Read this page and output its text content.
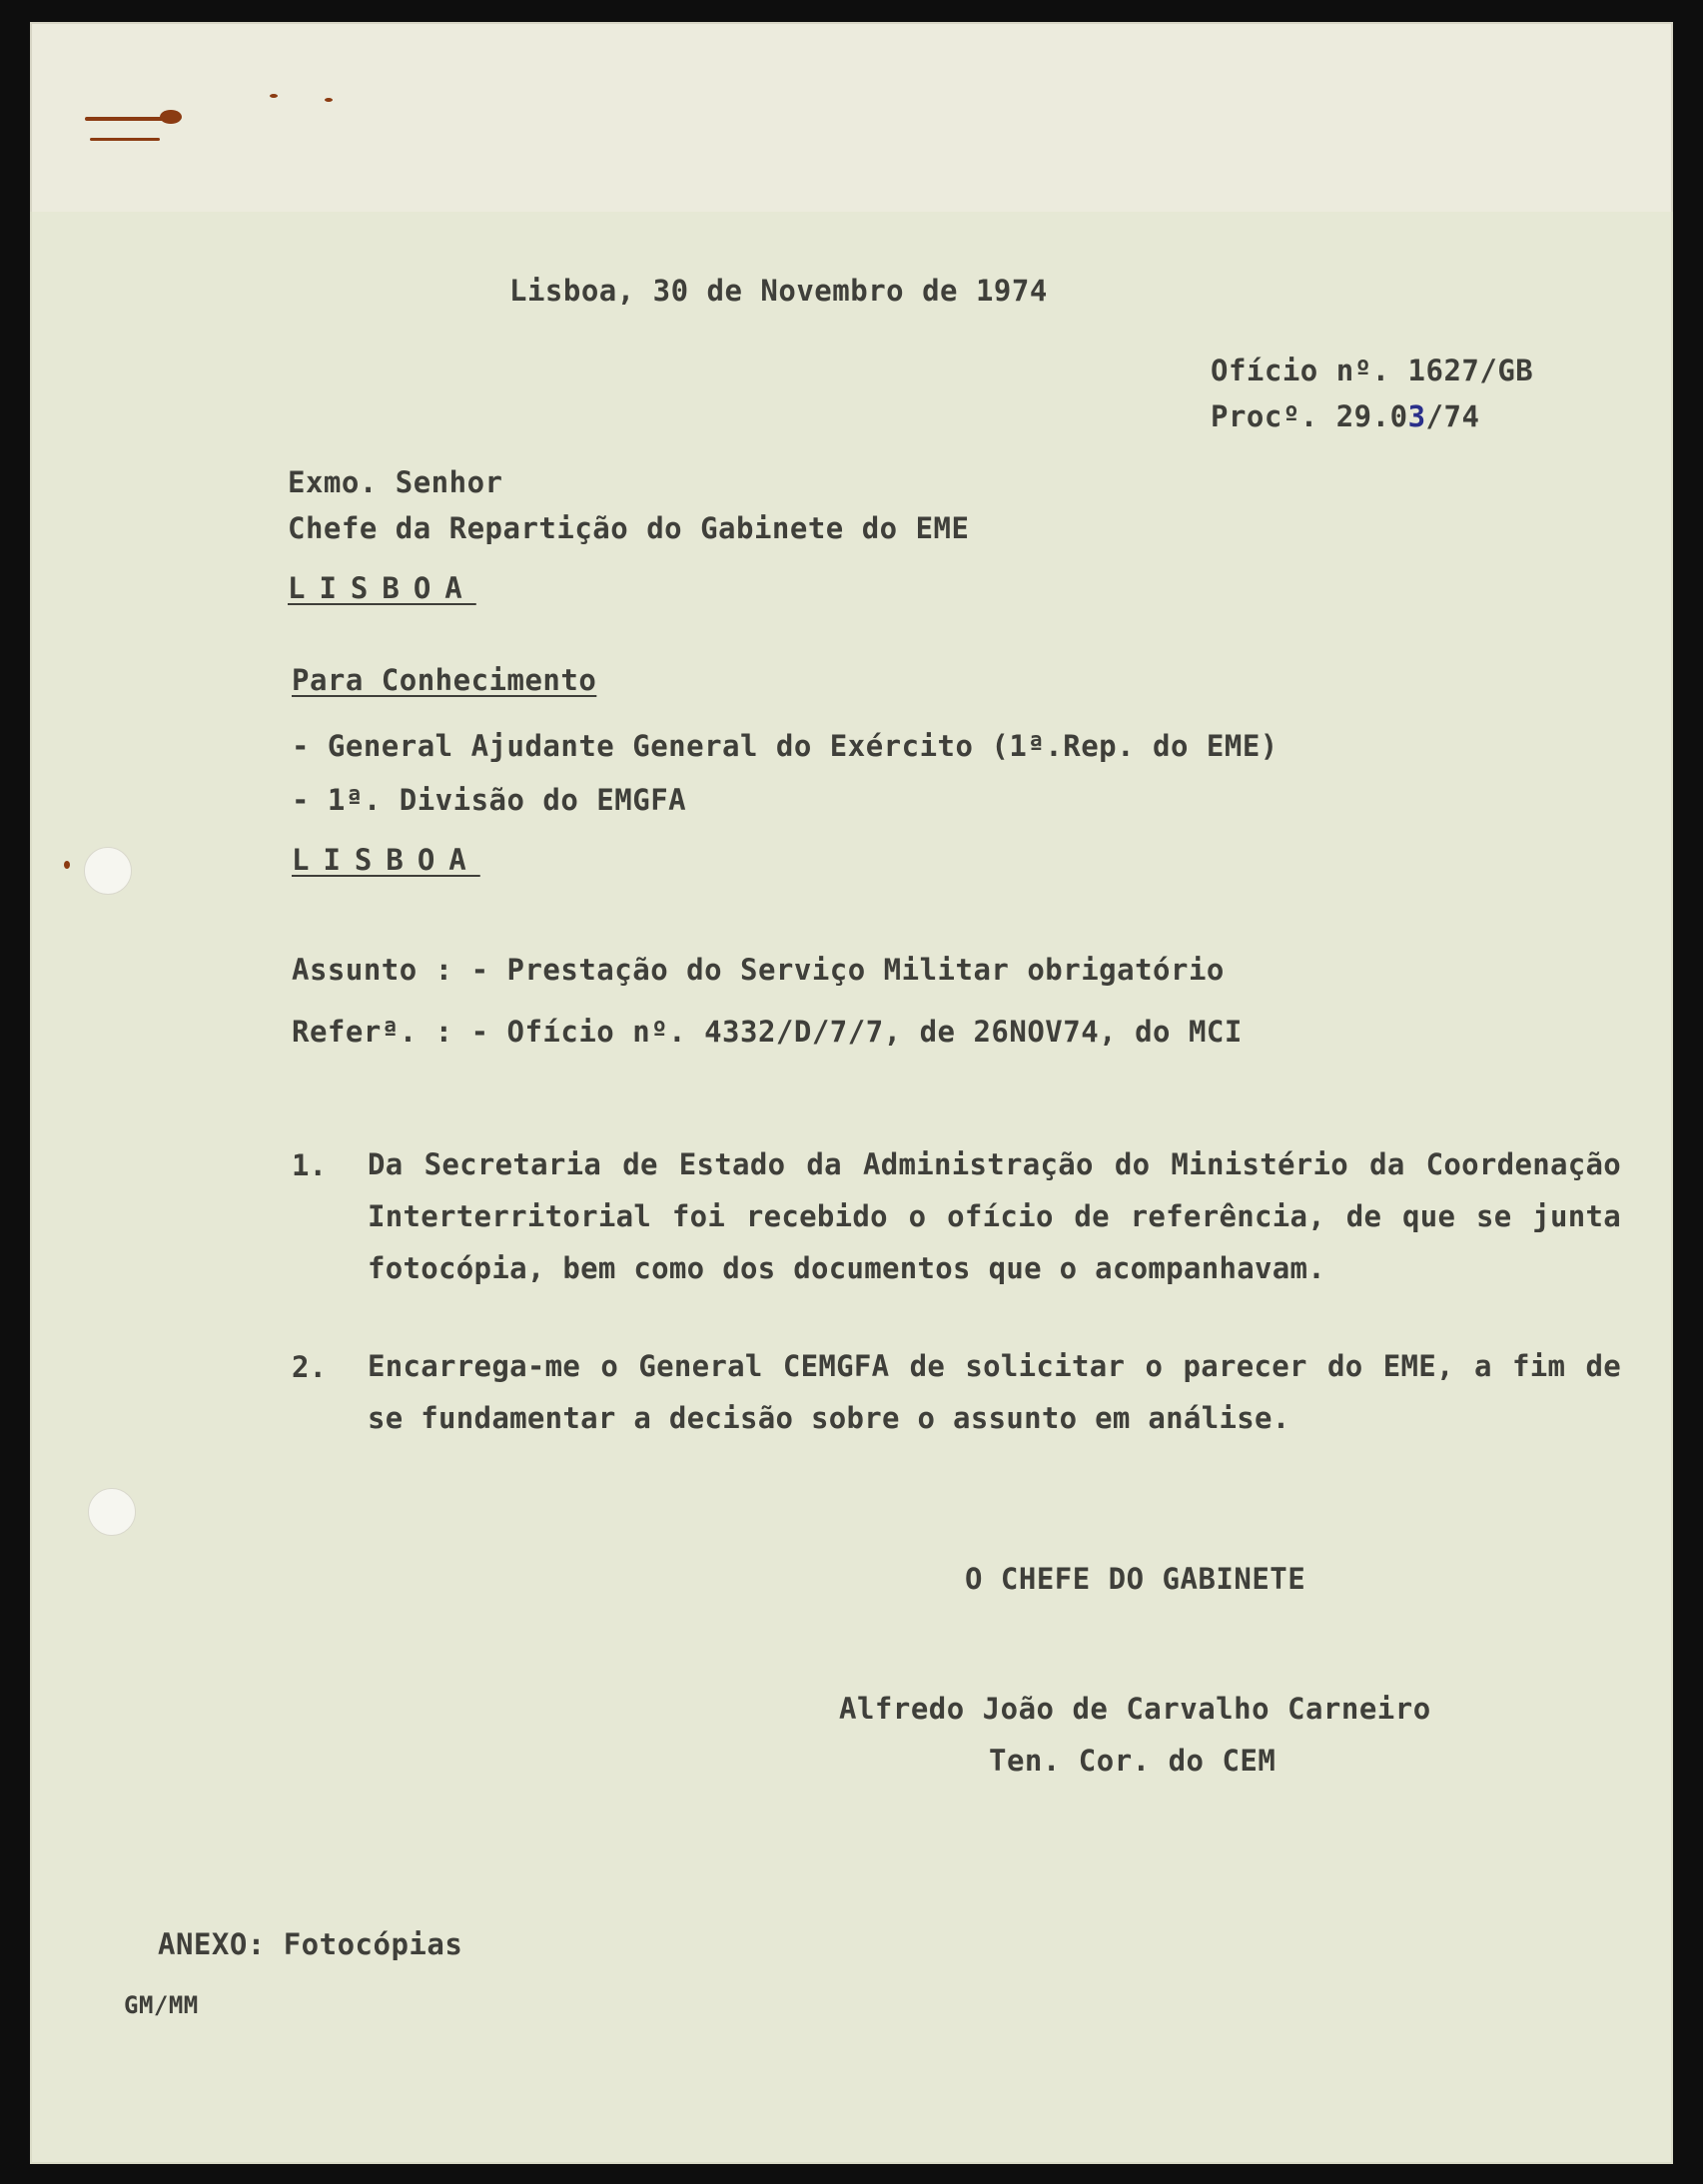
Lisboa, 30 de Novembro de 1974
Ofício nº. 1627/GB
Procº. 29.03/74
Exmo. Senhor
Chefe da Repartição do Gabinete do EME
LISBOA
Para Conhecimento
- General Ajudante General do Exército (1ª.Rep. do EME)
- 1ª. Divisão do EMGFA
LISBOA
Assunto : - Prestação do Serviço Militar obrigatório
Referª. : - Ofício nº. 4332/D/7/7, de 26NOV74, do MCI
1. Da Secretaria de Estado da Administração do Ministério da Coordenação Interterritorial foi recebido o ofício de referência, de que se junta fotocópia, bem como dos documentos que o acompanhavam.
2. Encarrega-me o General CEMGFA de solicitar o parecer do EME, a fim de se fundamentar a decisão sobre o assunto em análise.
O CHEFE DO GABINETE
Alfredo João de Carvalho Carneiro
Ten. Cor. do CEM
ANEXO: Fotocópias
GM/MM
